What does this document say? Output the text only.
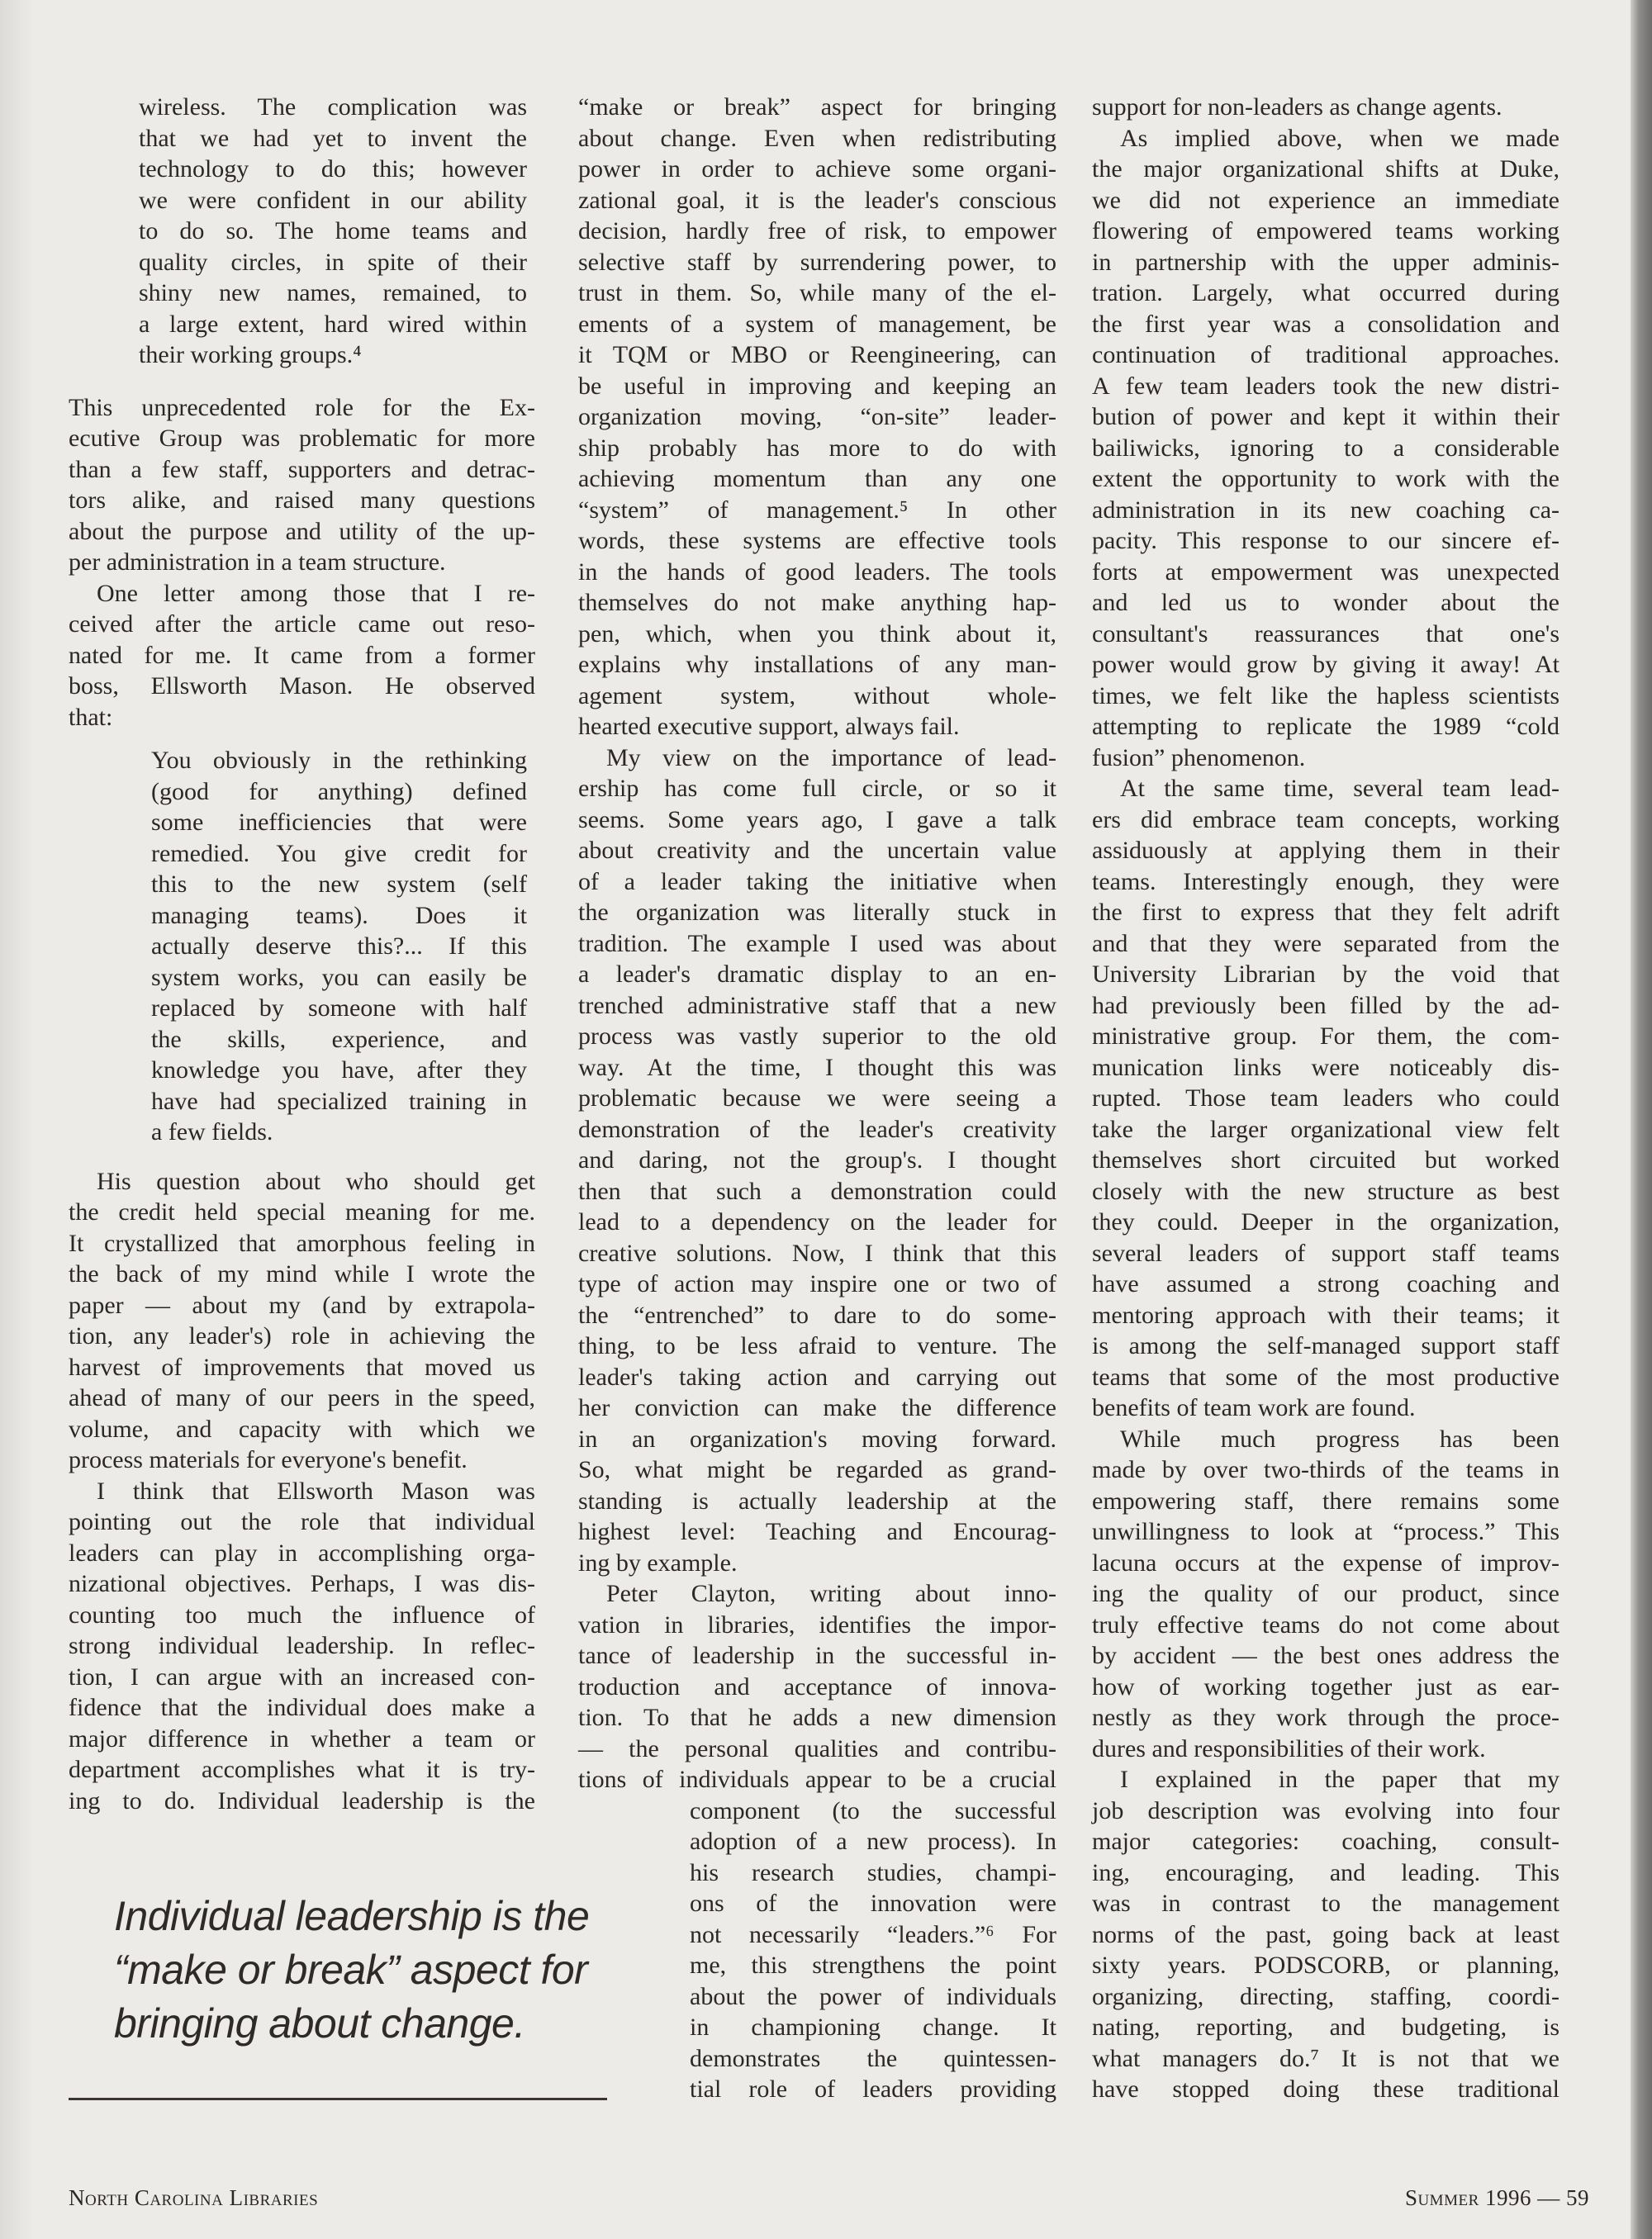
wireless. The complication was
that we had yet to invent the
technology to do this; however
we were confident in our ability
to do so. The home teams and
quality circles, in spite of their
shiny new names, remained, to
a large extent, hard wired within
their working groups.⁴
This unprecedented role for the Ex-
ecutive Group was problematic for more
than a few staff, supporters and detrac-
tors alike, and raised many questions
about the purpose and utility of the up-
per administration in a team structure.
One letter among those that I re-
ceived after the article came out reso-
nated for me. It came from a former
boss, Ellsworth Mason. He observed
that:
You obviously in the rethinking
(good for anything) defined
some inefficiencies that were
remedied. You give credit for
this to the new system (self
managing teams). Does it
actually deserve this?... If this
system works, you can easily be
replaced by someone with half
the skills, experience, and
knowledge you have, after they
have had specialized training in
a few fields.
His question about who should get
the credit held special meaning for me.
It crystallized that amorphous feeling in
the back of my mind while I wrote the
paper — about my (and by extrapola-
tion, any leader's) role in achieving the
harvest of improvements that moved us
ahead of many of our peers in the speed,
volume, and capacity with which we
process materials for everyone's benefit.
I think that Ellsworth Mason was
pointing out the role that individual
leaders can play in accomplishing orga-
nizational objectives. Perhaps, I was dis-
counting too much the influence of
strong individual leadership. In reflec-
tion, I can argue with an increased con-
fidence that the individual does make a
major difference in whether a team or
department accomplishes what it is try-
ing to do. Individual leadership is the
“make or break” aspect for bringing
about change. Even when redistributing
power in order to achieve some organi-
zational goal, it is the leader's conscious
decision, hardly free of risk, to empower
selective staff by surrendering power, to
trust in them. So, while many of the el-
ements of a system of management, be
it TQM or MBO or Reengineering, can
be useful in improving and keeping an
organization moving, “on-site” leader-
ship probably has more to do with
achieving momentum than any one
“system” of management.⁵ In other
words, these systems are effective tools
in the hands of good leaders. The tools
themselves do not make anything hap-
pen, which, when you think about it,
explains why installations of any man-
agement system, without whole-
hearted executive support, always fail.
My view on the importance of lead-
ership has come full circle, or so it
seems. Some years ago, I gave a talk
about creativity and the uncertain value
of a leader taking the initiative when
the organization was literally stuck in
tradition. The example I used was about
a leader's dramatic display to an en-
trenched administrative staff that a new
process was vastly superior to the old
way. At the time, I thought this was
problematic because we were seeing a
demonstration of the leader's creativity
and daring, not the group's. I thought
then that such a demonstration could
lead to a dependency on the leader for
creative solutions. Now, I think that this
type of action may inspire one or two of
the “entrenched” to dare to do some-
thing, to be less afraid to venture. The
leader's taking action and carrying out
her conviction can make the difference
in an organization's moving forward.
So, what might be regarded as grand-
standing is actually leadership at the
highest level: Teaching and Encourag-
ing by example.
Peter Clayton, writing about inno-
vation in libraries, identifies the impor-
tance of leadership in the successful in-
troduction and acceptance of innova-
tion. To that he adds a new dimension
— the personal qualities and contribu-
tions of individuals appear to be a crucial
component (to the successful
adoption of a new process). In
his research studies, champi-
ons of the innovation were
not necessarily “leaders.”⁶ For
me, this strengthens the point
about the power of individuals
in championing change. It
demonstrates the quintessen-
tial role of leaders providing
support for non-leaders as change agents.
As implied above, when we made
the major organizational shifts at Duke,
we did not experience an immediate
flowering of empowered teams working
in partnership with the upper adminis-
tration. Largely, what occurred during
the first year was a consolidation and
continuation of traditional approaches.
A few team leaders took the new distri-
bution of power and kept it within their
bailiwicks, ignoring to a considerable
extent the opportunity to work with the
administration in its new coaching ca-
pacity. This response to our sincere ef-
forts at empowerment was unexpected
and led us to wonder about the
consultant's reassurances that one's
power would grow by giving it away! At
times, we felt like the hapless scientists
attempting to replicate the 1989 “cold
fusion” phenomenon.
At the same time, several team lead-
ers did embrace team concepts, working
assiduously at applying them in their
teams. Interestingly enough, they were
the first to express that they felt adrift
and that they were separated from the
University Librarian by the void that
had previously been filled by the ad-
ministrative group. For them, the com-
munication links were noticeably dis-
rupted. Those team leaders who could
take the larger organizational view felt
themselves short circuited but worked
closely with the new structure as best
they could. Deeper in the organization,
several leaders of support staff teams
have assumed a strong coaching and
mentoring approach with their teams; it
is among the self-managed support staff
teams that some of the most productive
benefits of team work are found.
While much progress has been
made by over two-thirds of the teams in
empowering staff, there remains some
unwillingness to look at “process.” This
lacuna occurs at the expense of improv-
ing the quality of our product, since
truly effective teams do not come about
by accident — the best ones address the
how of working together just as ear-
nestly as they work through the proce-
dures and responsibilities of their work.
I explained in the paper that my
job description was evolving into four
major categories: coaching, consult-
ing, encouraging, and leading. This
was in contrast to the management
norms of the past, going back at least
sixty years. PODSCORB, or planning,
organizing, directing, staffing, coordi-
nating, reporting, and budgeting, is
what managers do.⁷ It is not that we
have stopped doing these traditional
Individual leadership is the
“make or break” aspect for
bringing about change.
North Carolina Libraries	Summer 1996 — 59
